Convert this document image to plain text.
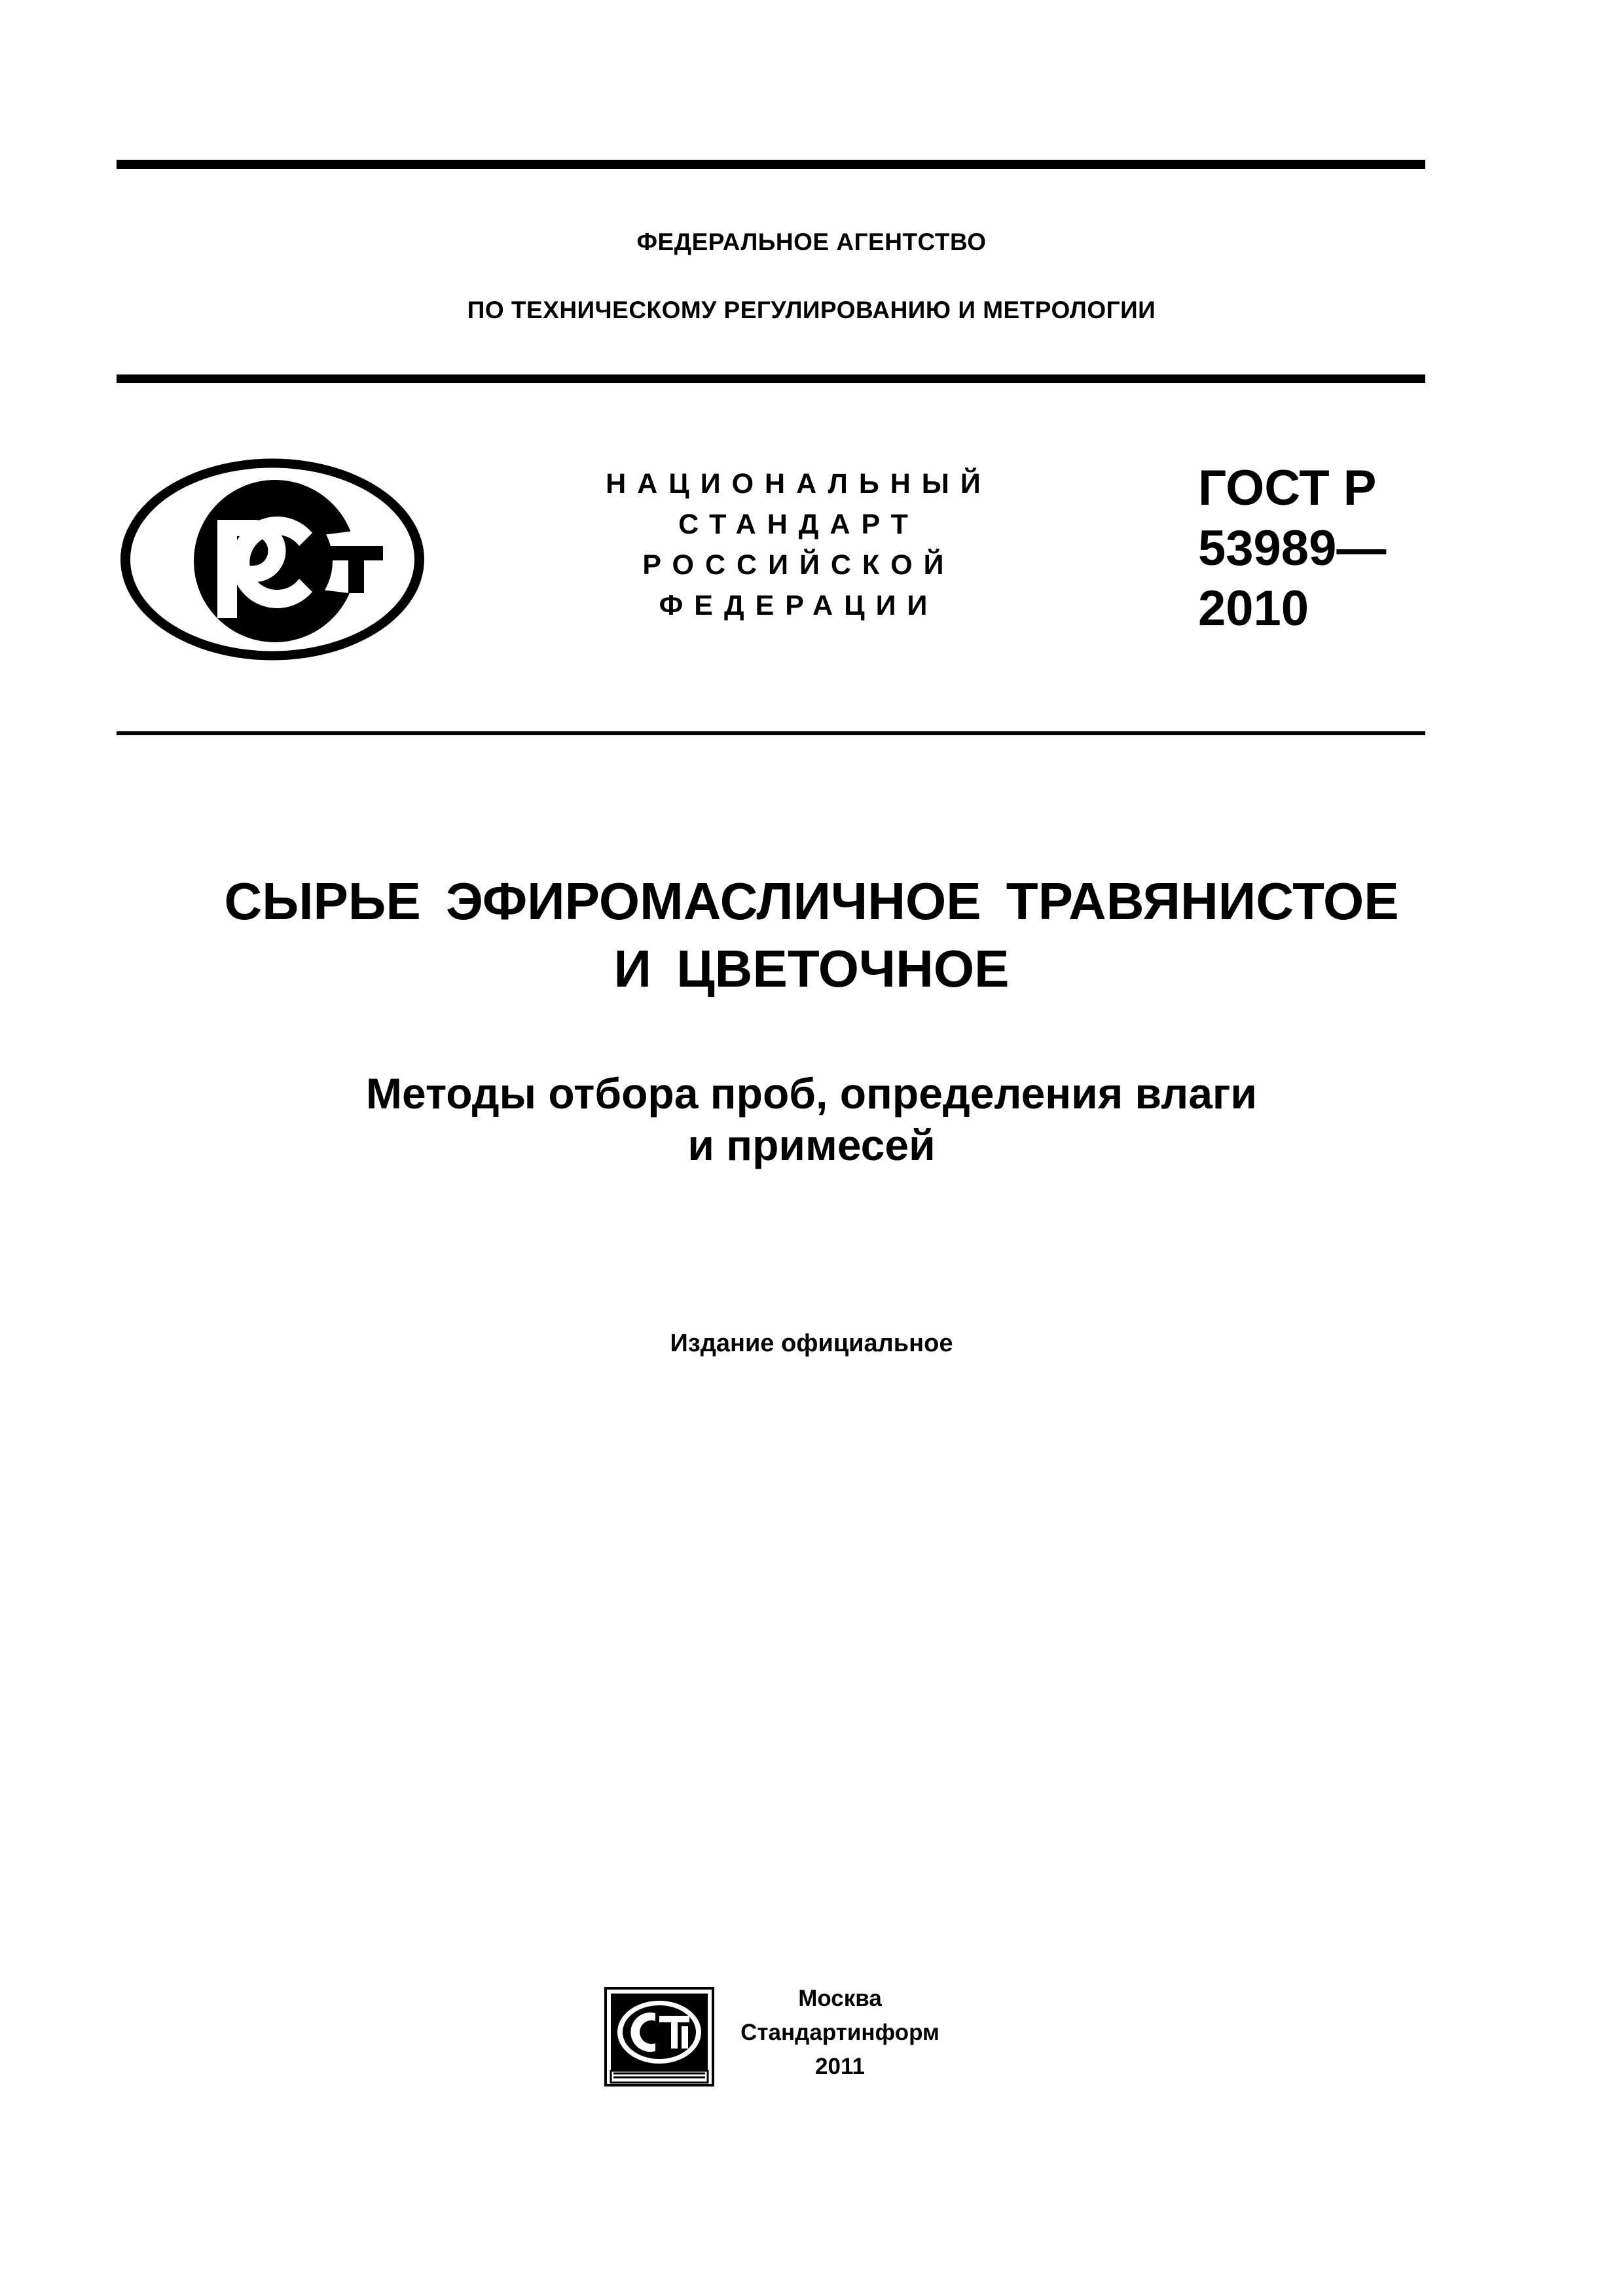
ФЕДЕРАЛЬНОЕ АГЕНТСТВО
ПО ТЕХНИЧЕСКОМУ РЕГУЛИРОВАНИЮ И МЕТРОЛОГИИ
НАЦИОНАЛЬНЫЙ
СТАНДАРТ
РОССИЙСКОЙ
ФЕДЕРАЦИИ
ГОСТ Р
53989—
2010
СЫРЬЕ ЭФИРОМАСЛИЧНОЕ ТРАВЯНИСТОЕ
И ЦВЕТОЧНОЕ
Методы отбора проб, определения влаги
и примесей
Издание официальное
Москва
Стандартинформ
2011
